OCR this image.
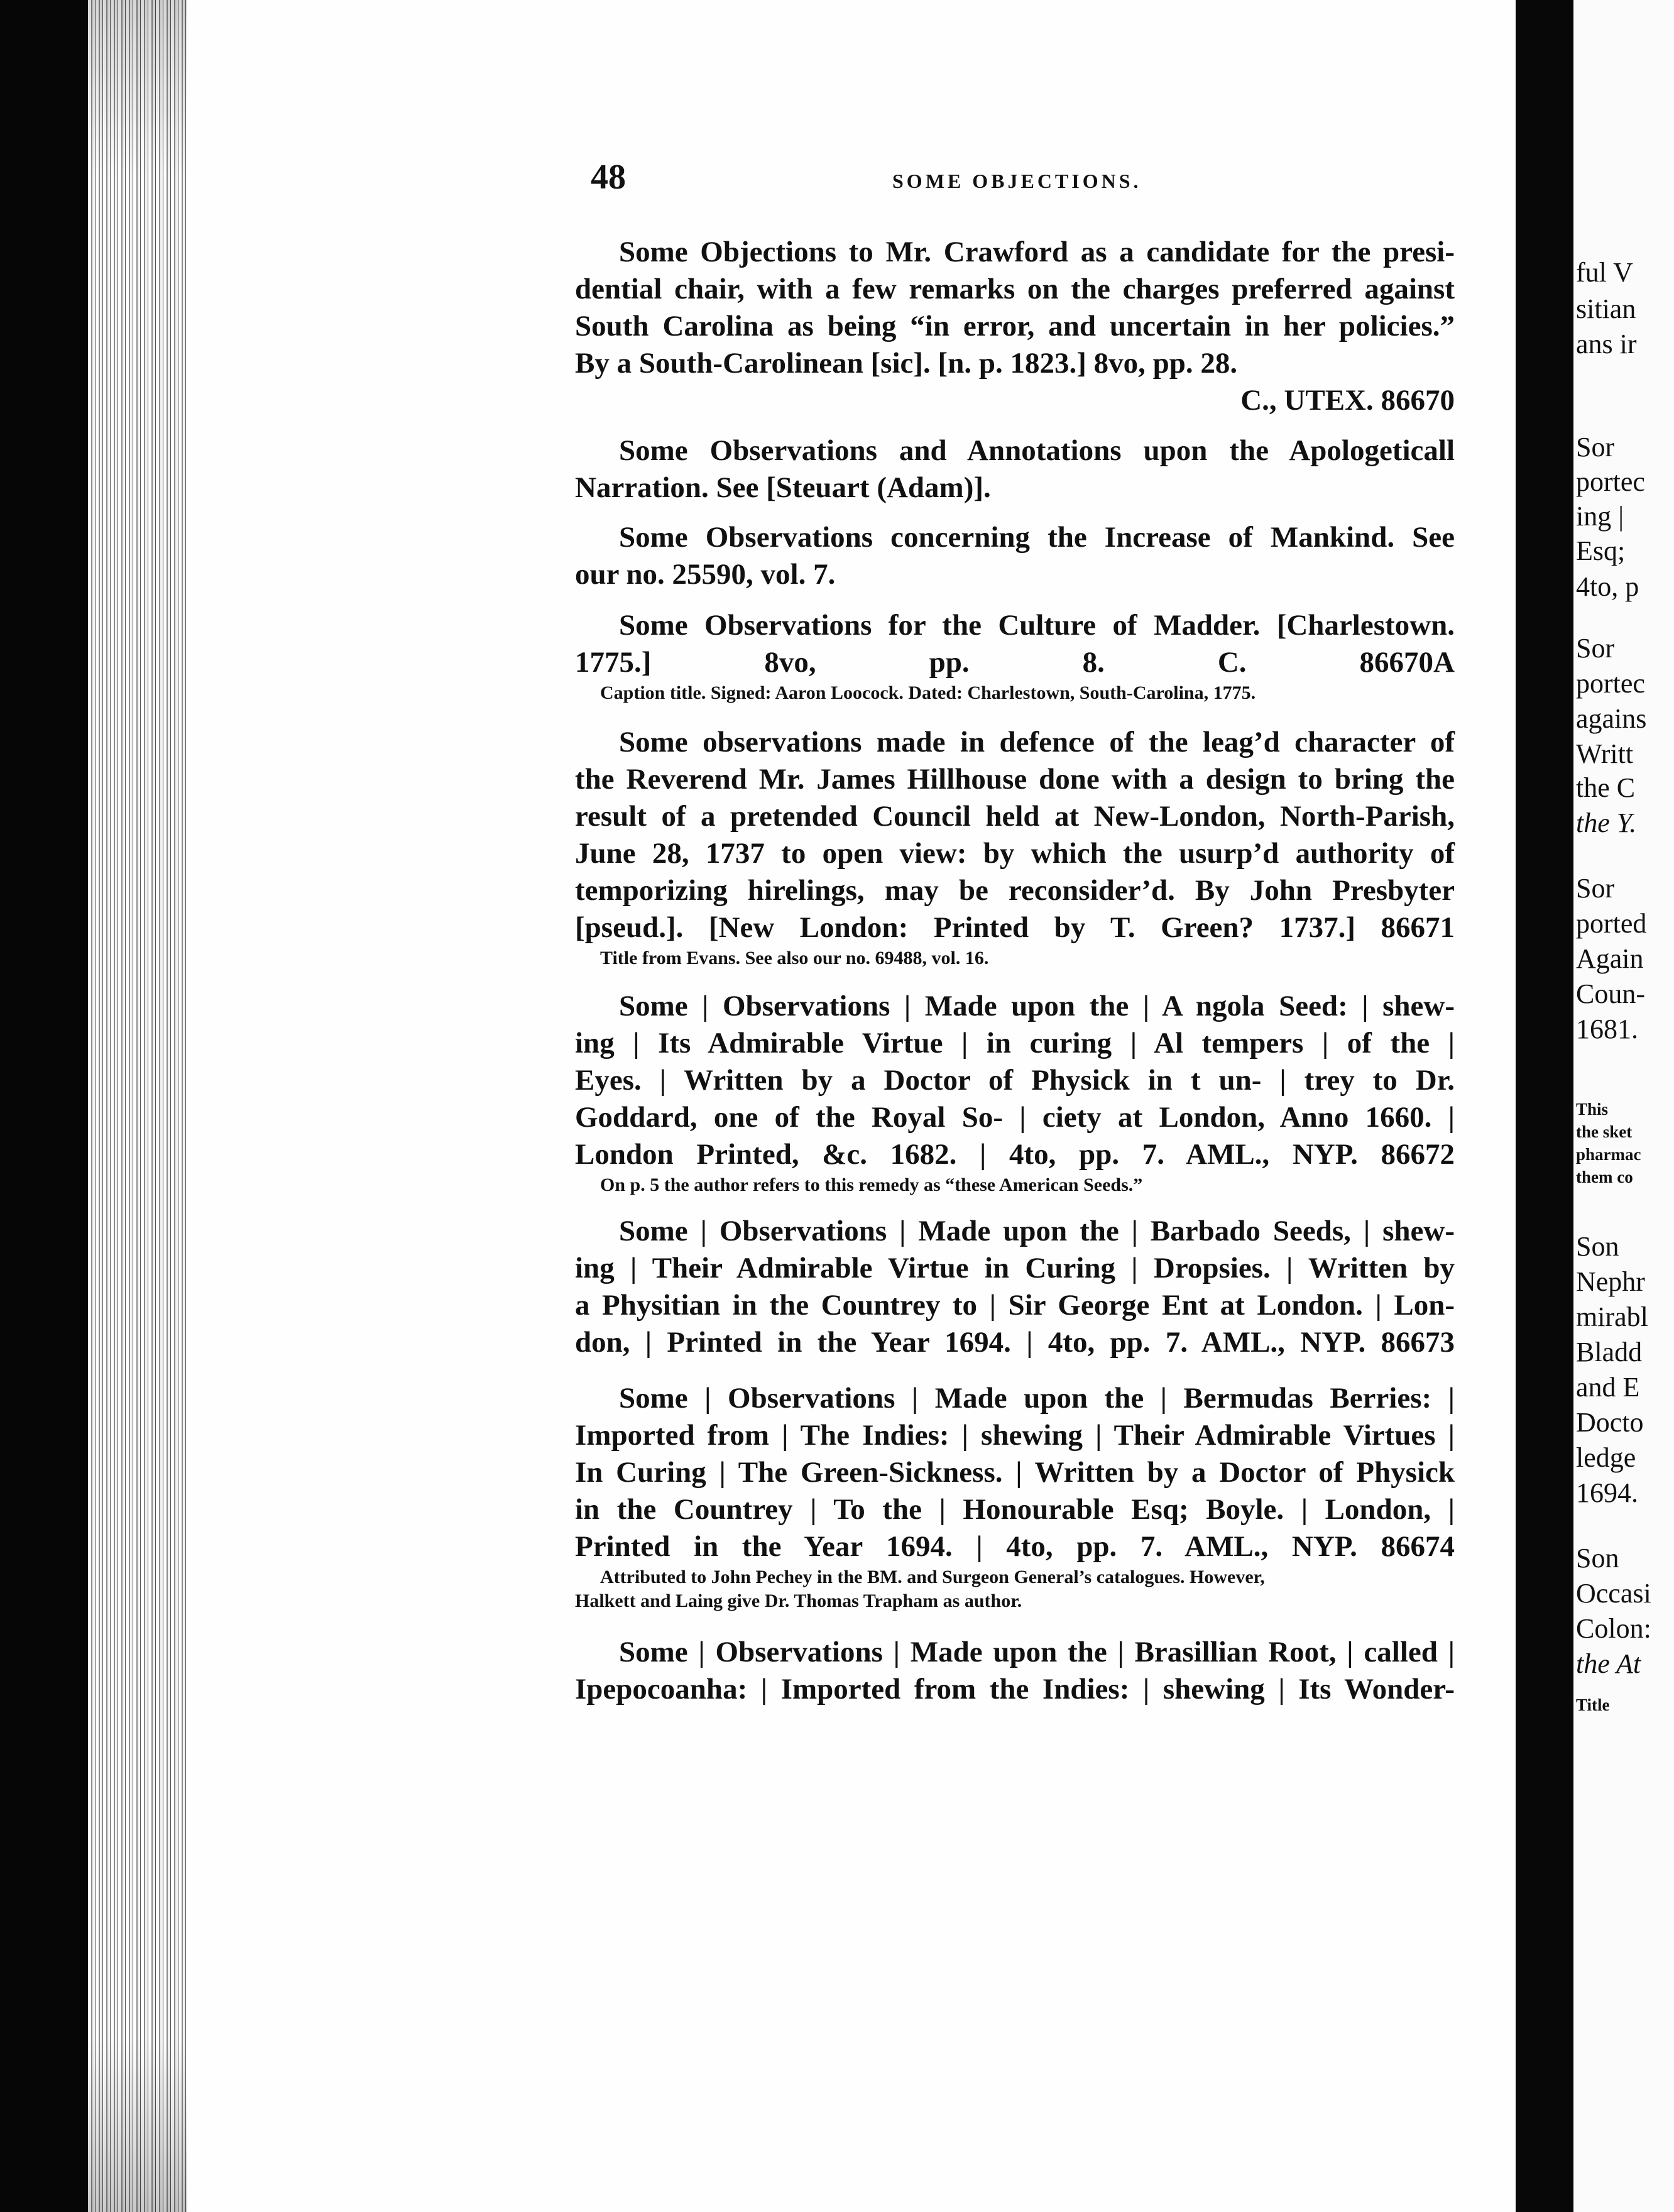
48	SOME OBJECTIONS.
Some Objections to Mr. Crawford as a candidate for the presi-
dential chair, with a few remarks on the charges preferred against
South Carolina as being “in error, and uncertain in her policies.”
By a South-Carolinean [sic]. [n. p. 1823.] 8vo, pp. 28.
C., UTEX. 86670
Some Observations and Annotations upon the Apologeticall
Narration. See [Steuart (Adam)].
Some Observations concerning the Increase of Mankind. See
our no. 25590, vol. 7.
Some Observations for the Culture of Madder. [Charlestown.
1775.] 8vo, pp. 8. C. 86670A
Caption title. Signed: Aaron Loocock. Dated: Charlestown, South-Carolina, 1775.
Some observations made in defence of the leag’d character of
the Reverend Mr. James Hillhouse done with a design to bring the
result of a pretended Council held at New-London, North-Parish,
June 28, 1737 to open view: by which the usurp’d authority of
temporizing hirelings, may be reconsider’d. By John Presbyter
[pseud.]. [New London: Printed by T. Green? 1737.] 86671
Title from Evans. See also our no. 69488, vol. 16.
Some | Observations | Made upon the | A ngola Seed: | shew-
ing | Its Admirable Virtue | in curing | Al tempers | of the |
Eyes. | Written by a Doctor of Physick in t un- | trey to Dr.
Goddard, one of the Royal So- | ciety at London, Anno 1660. |
London Printed, &c. 1682. | 4to, pp. 7. AML., NYP. 86672
On p. 5 the author refers to this remedy as “these American Seeds.”
Some | Observations | Made upon the | Barbado Seeds, | shew-
ing | Their Admirable Virtue in Curing | Dropsies. | Written by
a Physitian in the Countrey to | Sir George Ent at London. | Lon-
don, | Printed in the Year 1694. | 4to, pp. 7. AML., NYP. 86673
Some | Observations | Made upon the | Bermudas Berries: |
Imported from | The Indies: | shewing | Their Admirable Virtues |
In Curing | The Green-Sickness. | Written by a Doctor of Physick
in the Countrey | To the | Honourable Esq; Boyle. | London, |
Printed in the Year 1694. | 4to, pp. 7. AML., NYP. 86674
Attributed to John Pechey in the BM. and Surgeon General’s catalogues. However,
Halkett and Laing give Dr. Thomas Trapham as author.
Some | Observations | Made upon the | Brasillian Root, | called |
Ipepocoanha: | Imported from the Indies: | shewing | Its Wonder-
ful V
sitian
ans ir
Sor
portec
ing |
Esq;
4to, p
Sor
portec
agains
Writt
the C
the Y.
Sor
ported
Again
Coun-
1681.
This
the sket
pharmac
them co
Son
Nephr
mirabl
Bladd
and E
Docto
ledge
1694.
Son
Occasi
Colon:
the At
Title
